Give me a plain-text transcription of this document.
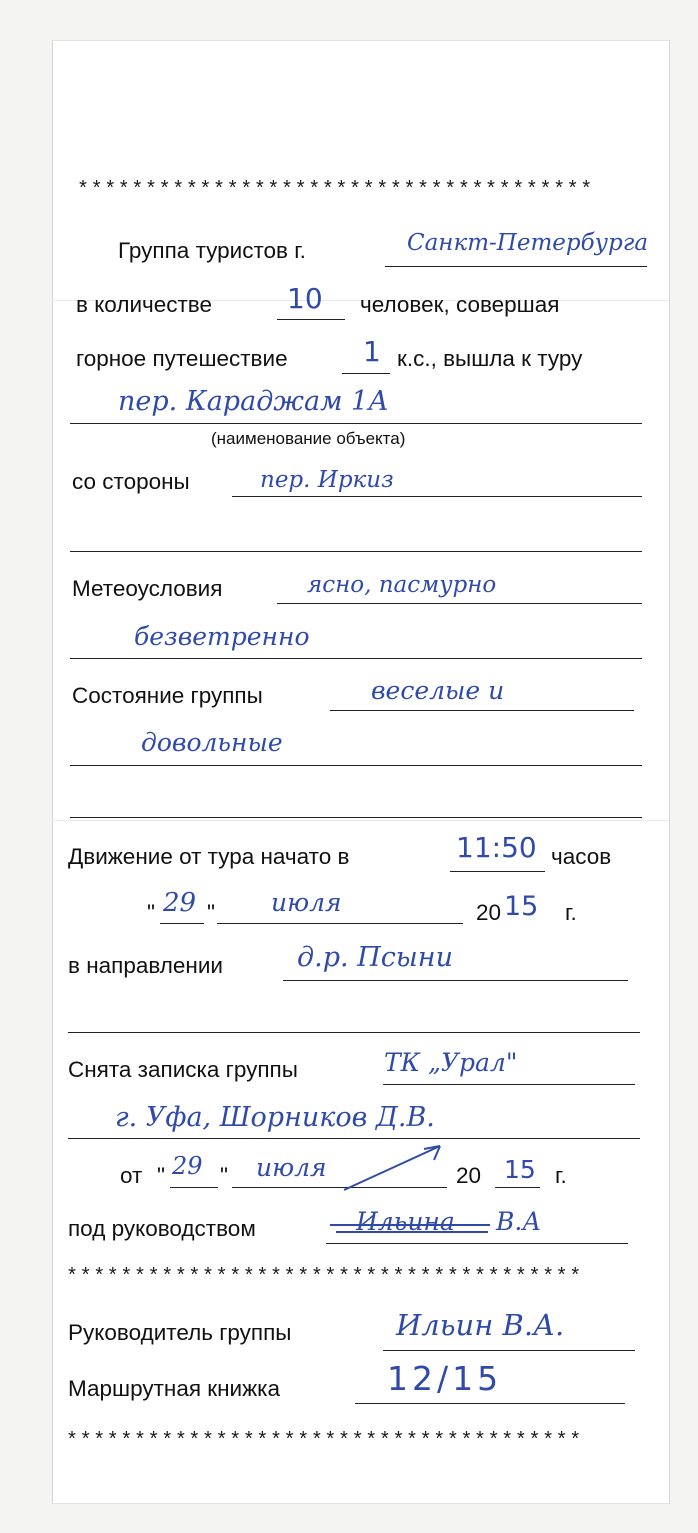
**************************************
Группа туристов г.	Санкт-Петербурга
в количестве	10 человек, совершая
горное путешествие	1 к.с., вышла к туру
пер. Караджам 1А
(наименование объекта)
со стороны	пер. Иркиз
Метеоусловия	ясно, пасмурно
безветренно
Состояние группы	веселые и
довольные
Движение от тура начато в	11:50 часов
" 29 " июля	20 15 г.
в направлении	д.р. Псыни
Снята записка группы	ТК „Урал"
г. Уфа, Шорников Д.В.
от " 29 " июля	20 15 г.
под руководством	Ильина В.А
**************************************
Руководитель группы	Ильин В.А.
Маршрутная книжка	12/15
**************************************
